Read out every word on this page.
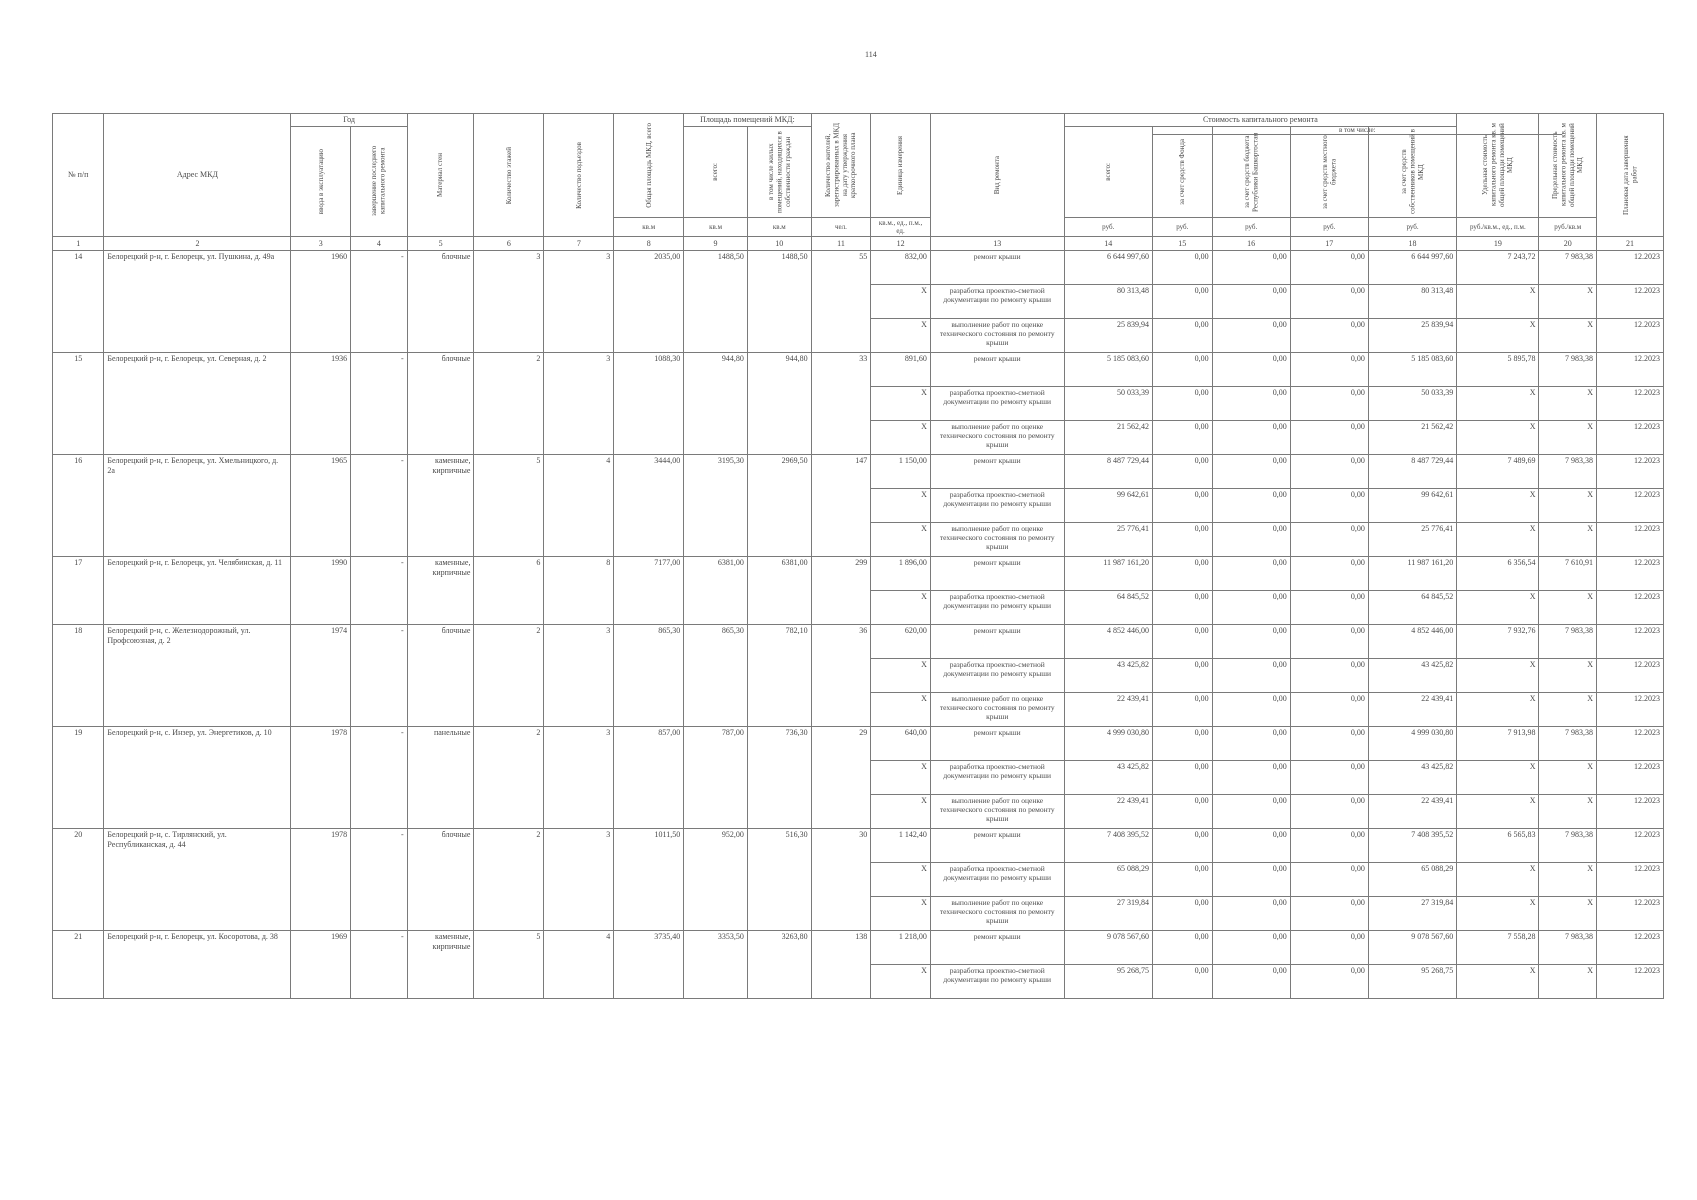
114
№ п/п	Адрес МКД	Год		Материал стен	Количество этажей	Количество подъездов	Общая площадь МКД, всего	Площадь помещений МКД:		Количество жителей, зарегистрированных в МКД на дату утверждения краткосрочного плана	Единица измерения	Вид ремонта	Стоимость капитального ремонта					Удельная стоимость капитального ремонта кв. м общей площади помещений МКД	Предельная стоимость капитального ремонта кв. м общей площади помещений МКД	Плановая дата завершения работ

		ввода в эксплуатацию	завершение последнего капитального ремонта					всего:	в том числе жилых помещений, находящихся в собственности граждан				всего:	в том числе:
за счет средств Фонда	за счет средств бюджета Республики Башкортостан	за счет средств местного бюджета	за счет средств собственников помещений в МКД			

							кв.м	кв.м	кв.м	чел.	кв.м., ед., п.м., ед.		руб.	руб.	руб.	руб.	руб.	руб./кв.м., ед., п.м.	руб./кв.м	
1	2	3	4	5	6	7	8	9	10	11	12	13	14	15	16	17	18	19	20	21
14	Белорецкий р-н, г. Белорецк, ул. Пушкина, д. 49а	1960	-	блочные	3	3	2035,00	1488,50	1488,50	55	832,00	ремонт крыши	6 644 997,60	0,00	0,00	0,00	6 644 997,60	7 243,72	7 983,38	12.2023
											X	разработка проектно-сметной документации по ремонту крыши	80 313,48	0,00	0,00	0,00	80 313,48	X	X	12.2023
											X	выполнение работ по оценке технического состояния по ремонту крыши	25 839,94	0,00	0,00	0,00	25 839,94	X	X	12.2023
15	Белорецкий р-н, г. Белорецк, ул. Северная, д. 2	1936	-	блочные	2	3	1088,30	944,80	944,80	33	891,60	ремонт крыши	5 185 083,60	0,00	0,00	0,00	5 185 083,60	5 895,78	7 983,38	12.2023
											X	разработка проектно-сметной документации по ремонту крыши	50 033,39	0,00	0,00	0,00	50 033,39	X	X	12.2023
											X	выполнение работ по оценке технического состояния по ремонту крыши	21 562,42	0,00	0,00	0,00	21 562,42	X	X	12.2023
16	Белорецкий р-н, г. Белорецк, ул. Хмельницкого, д. 2а	1965	-	каменные, кирпичные	5	4	3444,00	3195,30	2969,50	147	1 150,00	ремонт крыши	8 487 729,44	0,00	0,00	0,00	8 487 729,44	7 489,69	7 983,38	12.2023
											X	разработка проектно-сметной документации по ремонту крыши	99 642,61	0,00	0,00	0,00	99 642,61	X	X	12.2023
											X	выполнение работ по оценке технического состояния по ремонту крыши	25 776,41	0,00	0,00	0,00	25 776,41	X	X	12.2023
17	Белорецкий р-н, г. Белорецк, ул. Челябинская, д. 11	1990	-	каменные, кирпичные	6	8	7177,00	6381,00	6381,00	299	1 896,00	ремонт крыши	11 987 161,20	0,00	0,00	0,00	11 987 161,20	6 356,54	7 610,91	12.2023
											X	разработка проектно-сметной документации по ремонту крыши	64 845,52	0,00	0,00	0,00	64 845,52	X	X	12.2023
18	Белорецкий р-н, с. Железнодорожный, ул. Профсоюзная, д. 2	1974	-	блочные	2	3	865,30	865,30	782,10	36	620,00	ремонт крыши	4 852 446,00	0,00	0,00	0,00	4 852 446,00	7 932,76	7 983,38	12.2023
											X	разработка проектно-сметной документации по ремонту крыши	43 425,82	0,00	0,00	0,00	43 425,82	X	X	12.2023
											X	выполнение работ по оценке технического состояния по ремонту крыши	22 439,41	0,00	0,00	0,00	22 439,41	X	X	12.2023
19	Белорецкий р-н, с. Инзер, ул. Энергетиков, д. 10	1978	-	панельные	2	3	857,00	787,00	736,30	29	640,00	ремонт крыши	4 999 030,80	0,00	0,00	0,00	4 999 030,80	7 913,98	7 983,38	12.2023
											X	разработка проектно-сметной документации по ремонту крыши	43 425,82	0,00	0,00	0,00	43 425,82	X	X	12.2023
											X	выполнение работ по оценке технического состояния по ремонту крыши	22 439,41	0,00	0,00	0,00	22 439,41	X	X	12.2023
20	Белорецкий р-н, с. Тирлянский, ул. Республиканская, д. 44	1978	-	блочные	2	3	1011,50	952,00	516,30	30	1 142,40	ремонт крыши	7 408 395,52	0,00	0,00	0,00	7 408 395,52	6 565,83	7 983,38	12.2023
											X	разработка проектно-сметной документации по ремонту крыши	65 088,29	0,00	0,00	0,00	65 088,29	X	X	12.2023
											X	выполнение работ по оценке технического состояния по ремонту крыши	27 319,84	0,00	0,00	0,00	27 319,84	X	X	12.2023
21	Белорецкий р-н, г. Белорецк, ул. Косоротова, д. 38	1969	-	каменные, кирпичные	5	4	3735,40	3353,50	3263,80	138	1 218,00	ремонт крыши	9 078 567,60	0,00	0,00	0,00	9 078 567,60	7 558,28	7 983,38	12.2023
											X	разработка проектно-сметной документации по ремонту крыши	95 268,75	0,00	0,00	0,00	95 268,75	X	X	12.2023
